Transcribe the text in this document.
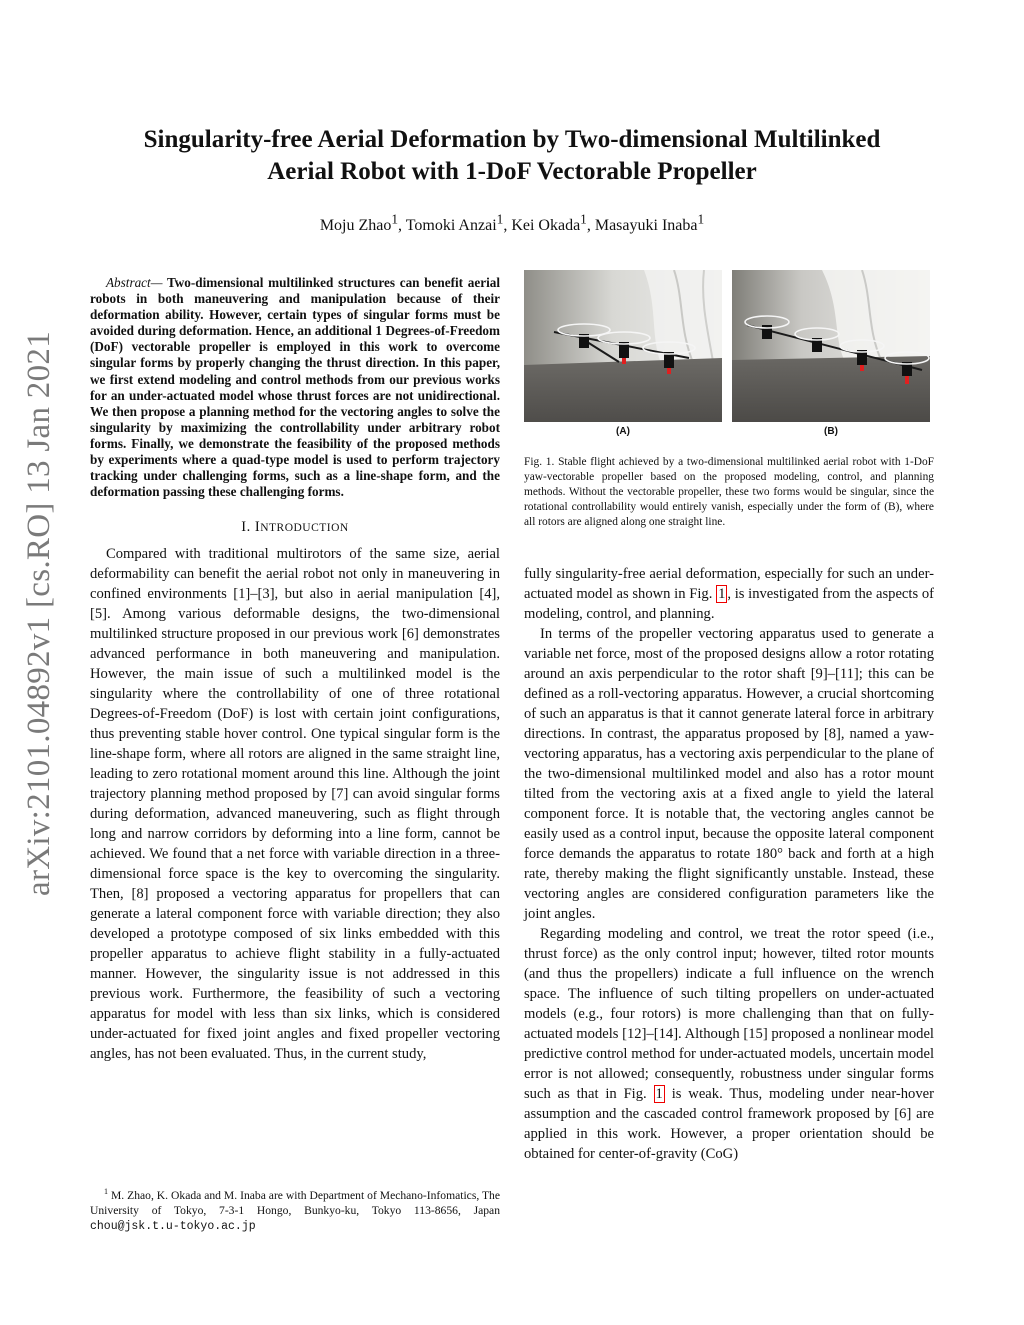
arXiv:2101.04892v1 [cs.RO] 13 Jan 2021
Singularity-free Aerial Deformation by Two-dimensional Multilinked
Aerial Robot with 1-DoF Vectorable Propeller
Moju Zhao$^1$, Tomoki Anzai$^1$, Kei Okada$^1$, Masayuki Inaba$^1$

Abstract— Two-dimensional multilinked structures can benefit aerial robots in both maneuvering and manipulation because of their deformation ability. However, certain types of singular forms must be avoided during deformation. Hence, an additional 1 Degrees-of-Freedom (DoF) vectorable propeller is employed in this work to overcome singular forms by properly changing the thrust direction. In this paper, we first extend modeling and control methods from our previous works for an under-actuated model whose thrust forces are not unidirectional. We then propose a planning method for the vectoring angles to solve the singularity by maximizing the controllability under arbitrary robot forms. Finally, we demonstrate the feasibility of the proposed methods by experiments where a quad-type model is used to perform trajectory tracking under challenging forms, such as a line-shape form, and the deformation passing these challenging forms.

I. INTRODUCTION

Compared with traditional multirotors of the same size, aerial deformability can benefit the aerial robot not only in maneuvering in confined environments [1]–[3], but also in aerial manipulation [4], [5]. Among various deformable designs, the two-dimensional multilinked structure proposed in our previous work [6] demonstrates advanced performance in both maneuvering and manipulation. However, the main issue of such a multilinked model is the singularity where the controllability of one of three rotational Degrees-of-Freedom (DoF) is lost with certain joint configurations, thus preventing stable hover control. One typical singular form is the line-shape form, where all rotors are aligned in the same straight line, leading to zero rotational moment around this line. Although the joint trajectory planning method proposed by [7] can avoid singular forms during deformation, advanced maneuvering, such as flight through long and narrow corridors by deforming into a line form, cannot be achieved. We found that a net force with variable direction in a three-dimensional force space is the key to overcoming the singularity. Then, [8] proposed a vectoring apparatus for propellers that can generate a lateral component force with variable direction; they also developed a prototype composed of six links embedded with this propeller apparatus to achieve flight stability in a fully-actuated manner. However, the singularity issue is not addressed in this previous work. Furthermore, the feasibility of such a vectoring apparatus for model with less than six links, which is considered under-actuated for fixed joint angles and fixed propeller vectoring angles, has not been evaluated. Thus, in the current study,

$^1$ M. Zhao, K. Okada and M. Inaba are with Department of Mechano-Infomatics, The University of Tokyo, 7-3-1 Hongo, Bunkyo-ku, Tokyo 113-8656, Japan chou@jsk.t.u-tokyo.ac.jp
(A)	(B)

Fig. 1. Stable flight achieved by a two-dimensional multilinked aerial robot with 1-DoF yaw-vectorable propeller based on the proposed modeling, control, and planning methods. Without the vectorable propeller, these two forms would be singular, since the rotational controllability would entirely vanish, especially under the form of (B), where all rotors are aligned along one straight line.

fully singularity-free aerial deformation, especially for such an under-actuated model as shown in Fig. 1 , is investigated from the aspects of modeling, control, and planning.

In terms of the propeller vectoring apparatus used to generate a variable net force, most of the proposed designs allow a rotor rotating around an axis perpendicular to the rotor shaft [9]–[11]; this can be defined as a roll-vectoring apparatus. However, a crucial shortcoming of such an apparatus is that it cannot generate lateral force in arbitrary directions. In contrast, the apparatus proposed by [8], named a yaw-vectoring apparatus, has a vectoring axis perpendicular to the plane of the two-dimensional multilinked model and also has a rotor mount tilted from the vectoring axis at a fixed angle to yield the lateral component force. It is notable that, the vectoring angles cannot be easily used as a control input, because the opposite lateral component force demands the apparatus to rotate 180° back and forth at a high rate, thereby making the flight significantly unstable. Instead, these vectoring angles are considered configuration parameters like the joint angles.

Regarding modeling and control, we treat the rotor speed (i.e., thrust force) as the only control input; however, tilted rotor mounts (and thus the propellers) indicate a full influence on the wrench space. The influence of such tilting propellers on under-actuated models (e.g., four rotors) is more challenging than that on fully-actuated models [12]–[14]. Although [15] proposed a nonlinear model predictive control method for under-actuated models, uncertain model error is not allowed; consequently, robustness under singular forms such as that in Fig. 1 is weak. Thus, modeling under near-hover assumption and the cascaded control framework proposed by [6] are applied in this work. However, a proper orientation should be obtained for center-of-gravity (CoG)
